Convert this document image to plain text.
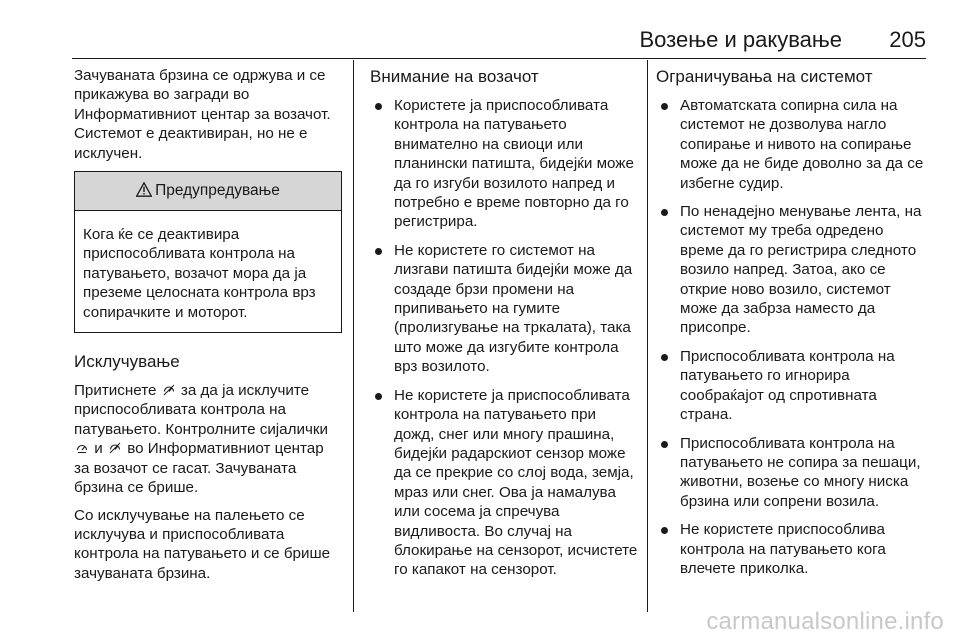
Возење и ракување 205

Зачуваната брзина се одржува и се прикажува во загради во Информативниот центар за возачот. Системот е деактивиран, но не е исклучен.

Предупредување
Кога ќе се деактивира приспособливата контрола на патувањето, возачот мора да ја преземе целосната контрола врз сопирачките и моторот.
Исклучување

Притиснете за да ја исклучите приспособливата контрола на патувањето. Контролните сијалички  и во Информативниот центар за возачот се гасат. Зачуваната брзина се брише.

Со исклучување на палењето се исклучува и приспособливата контрола на патувањето и се брише зачуваната брзина.

Внимание на возачот
Користете ја приспособливата контрола на патувањето внимателно на свиоци или планински патишта, бидејќи може да го изгуби возилото напред и потребно е време повторно да го регистрира.
Не користете го системот на лизгави патишта бидејќи може да создаде брзи промени на припивањето на гумите (пролизгување на тркалата), така што може да изгубите контрола врз возилото.
Не користете ја приспособливата контрола на патувањето при дожд, снег или многу прашина, бидејќи радарскиот сензор може да се прекрие со слој вода, земја, мраз или снег. Ова ја намалува или сосема ја спречува видливоста. Во случај на блокирање на сензорот, исчистете го капакот на сензорот.
Ограничувања на системот
Автоматската сопирна сила на системот не дозволува нагло сопирање и нивото на сопирање може да не биде доволно за да се избегне судир.
По ненадејно менување лента, на системот му треба одредено време да го регистрира следното возило напред. Затоа, ако се открие ново возило, системот може да забрза наместо да присопре.
Приспособливата контрола на патувањето го игнорира сообраќајот од спротивната страна.
Приспособливата контрола на патувањето не сопира за пешаци, животни, возење со многу ниска брзина или сопрени возила.
Не користете приспособлива контрола на патувањето кога влечете приколка.
carmanualsonline.info
